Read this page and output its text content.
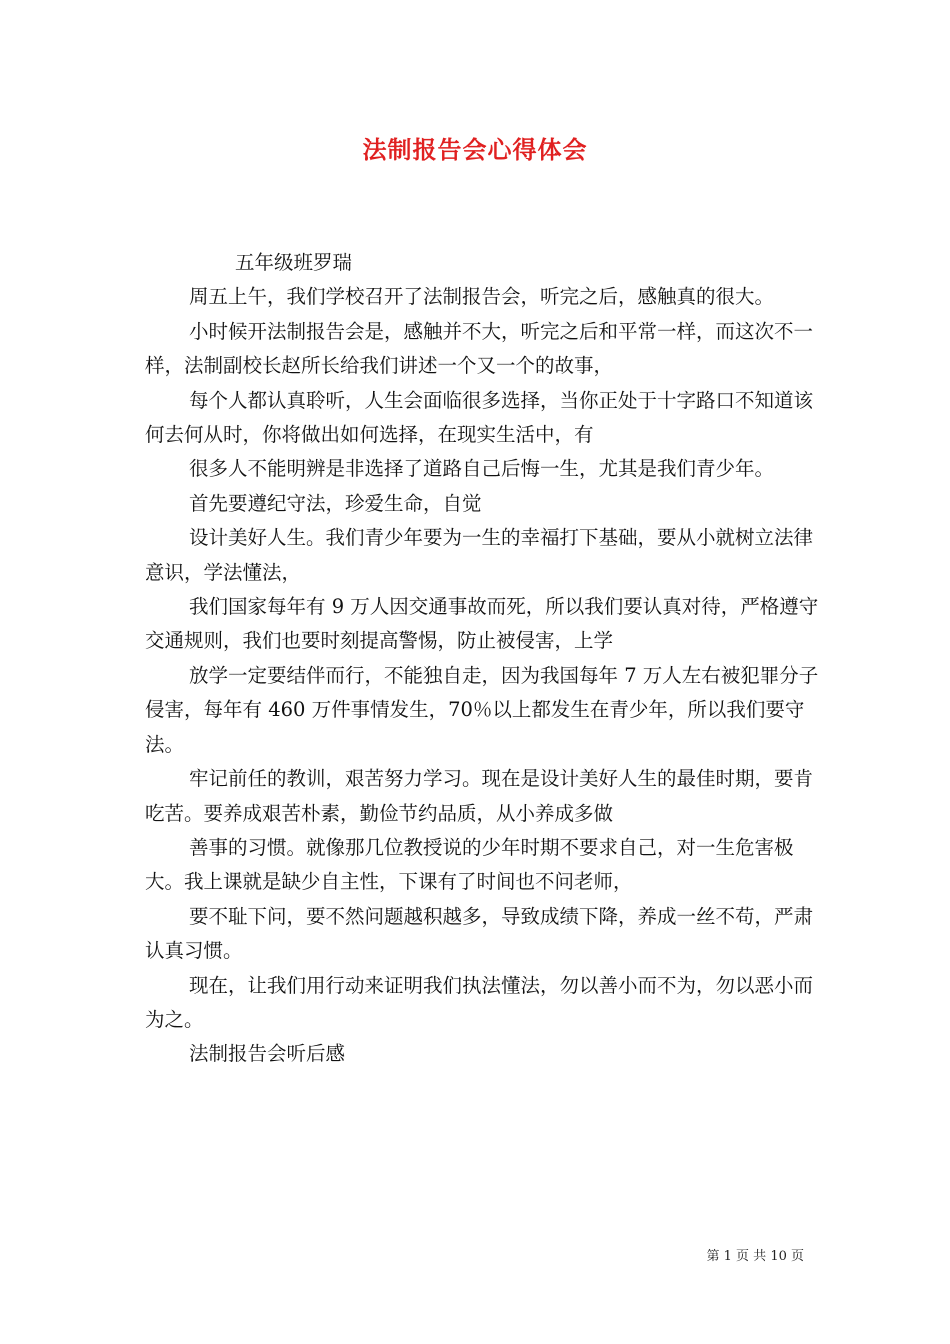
法制报告会心得体会

五年级班罗瑞

周五上午，我们学校召开了法制报告会，听完之后，感触真的很大。

小时候开法制报告会是，感触并不大，听完之后和平常一样，而这次不一样，法制副校长赵所长给我们讲述一个又一个的故事，

每个人都认真聆听，人生会面临很多选择，当你正处于十字路口不知道该何去何从时，你将做出如何选择，在现实生活中，有

很多人不能明辨是非选择了道路自己后悔一生，尤其是我们青少年。

首先要遵纪守法，珍爱生命，自觉

设计美好人生。我们青少年要为一生的幸福打下基础，要从小就树立法律意识，学法懂法，

我们国家每年有 9 万人因交通事故而死，所以我们要认真对待，严格遵守交通规则，我们也要时刻提高警惕，防止被侵害，上学

放学一定要结伴而行，不能独自走，因为我国每年 7 万人左右被犯罪分子侵害，每年有 460 万件事情发生，70％以上都发生在青少年，所以我们要守法。

牢记前任的教训，艰苦努力学习。现在是设计美好人生的最佳时期，要肯吃苦。要养成艰苦朴素，勤俭节约品质，从小养成多做

善事的习惯。就像那几位教授说的少年时期不要求自己，对一生危害极大。我上课就是缺少自主性，下课有了时间也不问老师，

要不耻下问，要不然问题越积越多，导致成绩下降，养成一丝不苟，严肃认真习惯。

现在，让我们用行动来证明我们执法懂法，勿以善小而不为，勿以恶小而为之。

法制报告会听后感

第 1 页 共 10 页
